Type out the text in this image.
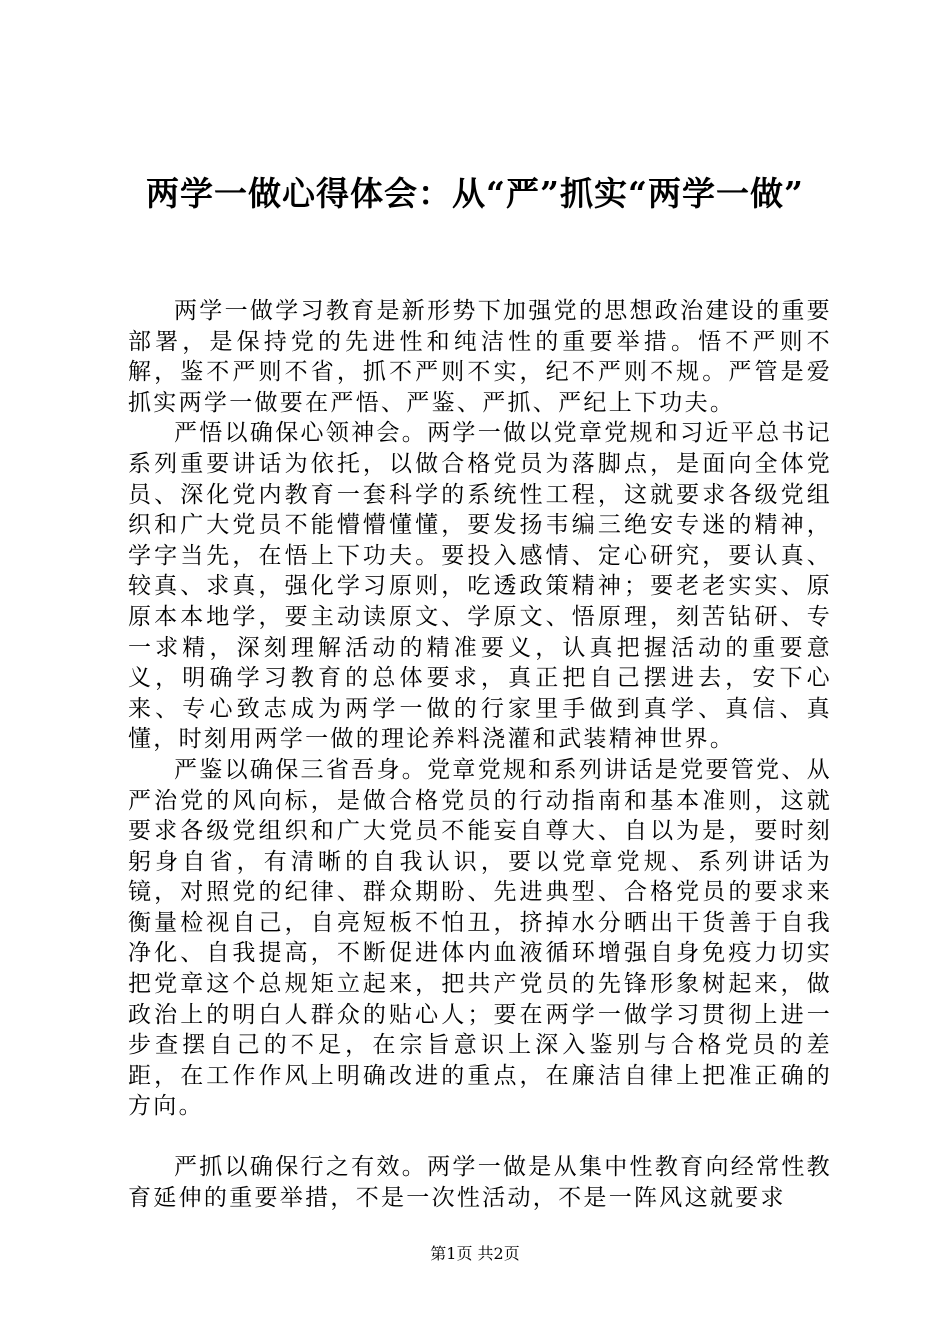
两学一做心得体会：从“严”抓实“两学一做”

两学一做学习教育是新形势下加强党的思想政治建设的重要部署，是保持党的先进性和纯洁性的重要举措。悟不严则不解，鉴不严则不省，抓不严则不实，纪不严则不规。严管是爱抓实两学一做要在严悟、严鉴、严抓、严纪上下功夫。

严悟以确保心领神会。两学一做以党章党规和习近平总书记系列重要讲话为依托，以做合格党员为落脚点，是面向全体党员、深化党内教育一套科学的系统性工程，这就要求各级党组织和广大党员不能懵懵懂懂，要发扬韦编三绝安专迷的精神，学字当先，在悟上下功夫。要投入感情、定心研究，要认真、较真、求真，强化学习原则，吃透政策精神；要老老实实、原原本本地学，要主动读原文、学原文、悟原理，刻苦钻研、专一求精，深刻理解活动的精准要义，认真把握活动的重要意义，明确学习教育的总体要求，真正把自己摆进去，安下心来、专心致志成为两学一做的行家里手做到真学、真信、真懂，时刻用两学一做的理论养料浇灌和武装精神世界。

严鉴以确保三省吾身。党章党规和系列讲话是党要管党、从严治党的风向标，是做合格党员的行动指南和基本准则，这就要求各级党组织和广大党员不能妄自尊大、自以为是，要时刻躬身自省，有清晰的自我认识，要以党章党规、系列讲话为镜，对照党的纪律、群众期盼、先进典型、合格党员的要求来衡量检视自己，自亮短板不怕丑，挤掉水分晒出干货善于自我净化、自我提高，不断促进体内血液循环增强自身免疫力切实把党章这个总规矩立起来，把共产党员的先锋形象树起来，做政治上的明白人群众的贴心人；要在两学一做学习贯彻上进一步查摆自己的不足，在宗旨意识上深入鉴别与合格党员的差距，在工作作风上明确改进的重点，在廉洁自律上把准正确的方向。

严抓以确保行之有效。两学一做是从集中性教育向经常性教育延伸的重要举措，不是一次性活动，不是一阵风这就要求

第1页 共2页
